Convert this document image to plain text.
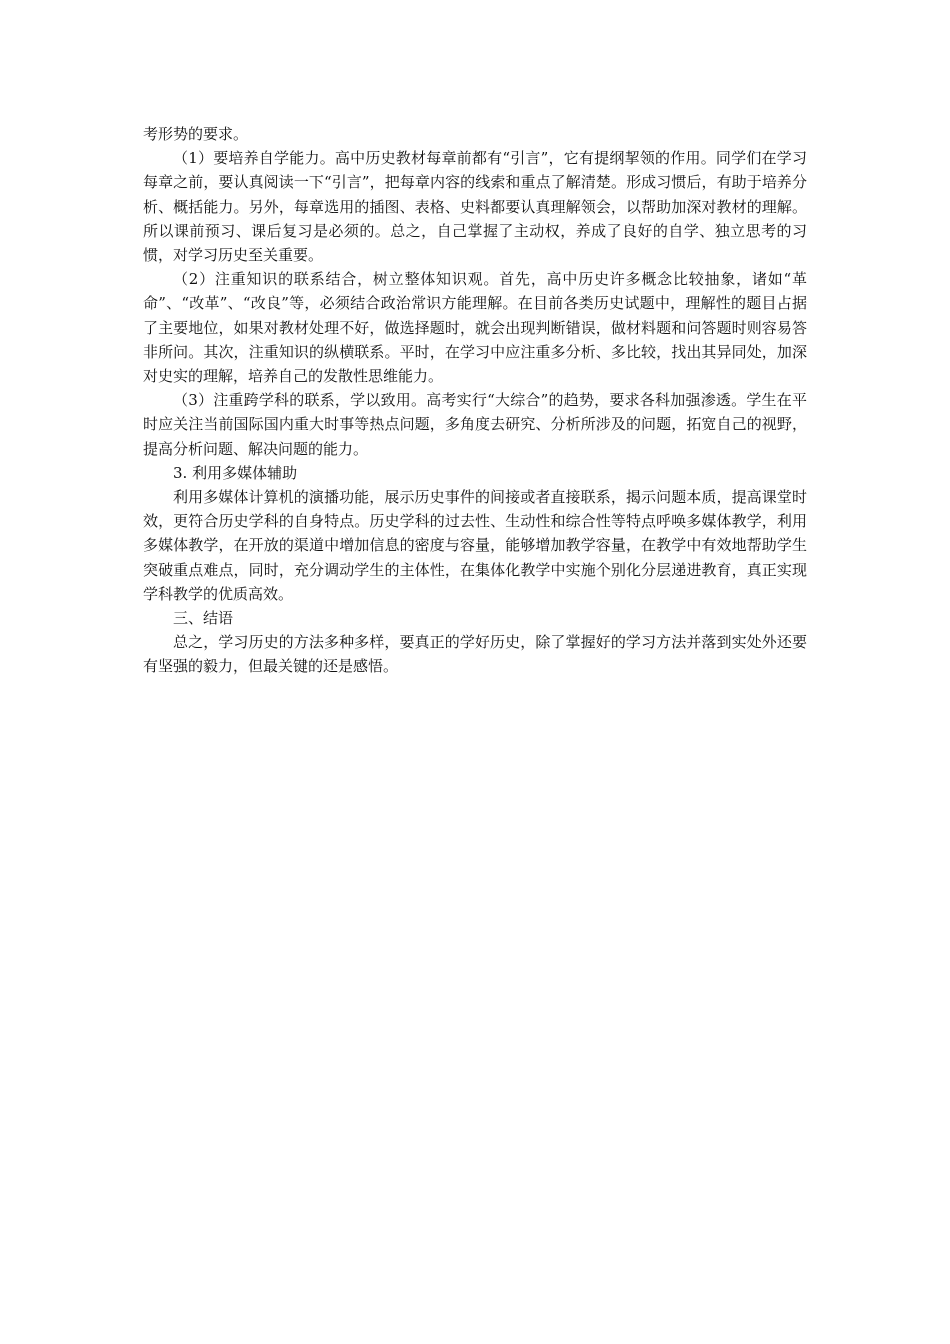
考形势的要求。

（1）要培养自学能力。高中历史教材每章前都有“引言”，它有提纲挈领的作用。同学们在学习每章之前，要认真阅读一下“引言”，把每章内容的线索和重点了解清楚。形成习惯后，有助于培养分析、概括能力。另外，每章选用的插图、表格、史料都要认真理解领会，以帮助加深对教材的理解。所以课前预习、课后复习是必须的。总之，自己掌握了主动权，养成了良好的自学、独立思考的习惯，对学习历史至关重要。

（2）注重知识的联系结合，树立整体知识观。首先，高中历史许多概念比较抽象，诸如“革命”、“改革”、“改良”等，必须结合政治常识方能理解。在目前各类历史试题中，理解性的题目占据了主要地位，如果对教材处理不好，做选择题时，就会出现判断错误，做材料题和问答题时则容易答非所问。其次，注重知识的纵横联系。平时，在学习中应注重多分析、多比较，找出其异同处，加深对史实的理解，培养自己的发散性思维能力。

（3）注重跨学科的联系，学以致用。高考实行“大综合”的趋势，要求各科加强渗透。学生在平时应关注当前国际国内重大时事等热点问题，多角度去研究、分析所涉及的问题，拓宽自己的视野，提高分析问题、解决问题的能力。

3. 利用多媒体辅助

利用多媒体计算机的演播功能，展示历史事件的间接或者直接联系，揭示问题本质，提高课堂时效，更符合历史学科的自身特点。历史学科的过去性、生动性和综合性等特点呼唤多媒体教学，利用多媒体教学，在开放的渠道中增加信息的密度与容量，能够增加教学容量，在教学中有效地帮助学生突破重点难点，同时，充分调动学生的主体性，在集体化教学中实施个别化分层递进教育，真正实现学科教学的优质高效。

三、结语

总之，学习历史的方法多种多样，要真正的学好历史，除了掌握好的学习方法并落到实处外还要有坚强的毅力，但最关键的还是感悟。
